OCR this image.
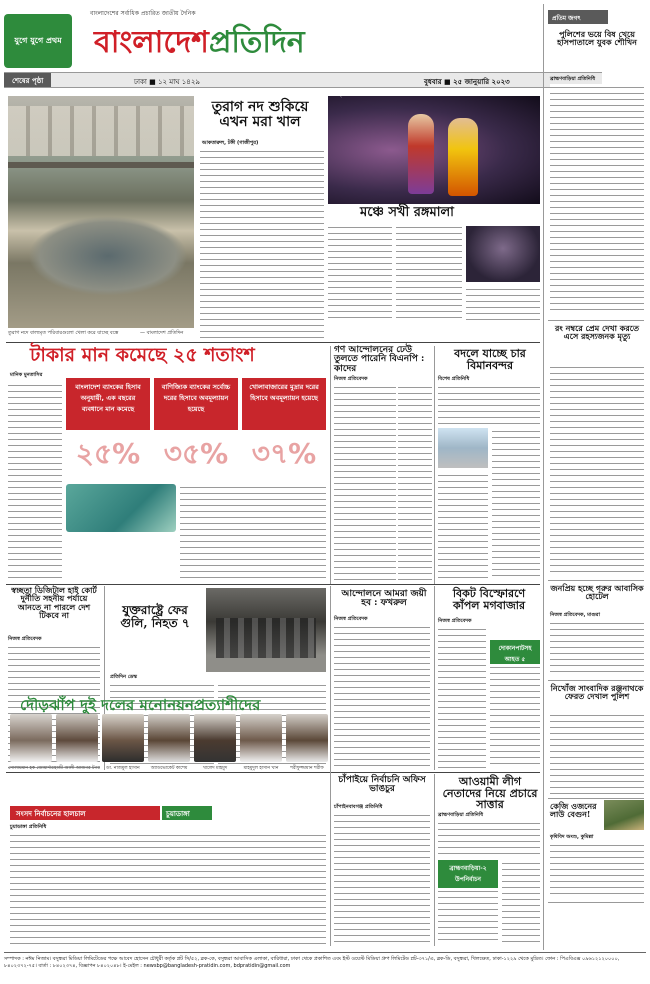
যুগে যুগে প্রথম
বাংলাদেশের সর্বাধিক প্রচারিত জাতীয় দৈনিক
বাংলাদেশপ্রতিদিন
শেষের পৃষ্ঠা	ঢাকা ■ ১২ মাঘ ১৪২৯	বুধবার ■ ২৫ জানুয়ারি ২০২৩
প্রতিম জগৎ
পুলিশের ভয়ে বিষ খেয়ে হাসপাতালে যুবক শৌখিন
ব্রাহ্মণবাড়িয়া প্রতিনিধি
রং নম্বরে প্রেম দেখা করতে এসে রহস্যজনক মৃত্যু
জনপ্রিয় হচ্ছে গরুর আবাসিক হোটেল
নিজস্ব প্রতিবেদক, মাগুরা
নিখোঁজ সাংবাদিক রঞ্জনাথকে ফেরত দেখাল পুলিশ
কেজি ওজনের লাউ বেগুন!
কৃষিবিদ অংশু, কুমিল্লা
তুরাগ নদে বাল্যমৃত পরিবারগুলো খেলা করে যাচ্ছে বস্তে	— বাংলাদেশ প্রতিদিন
তুরাগ নদ শুকিয়ে এখন মরা খাল
আকতারুল, টঙ্গী (গাজীপুর)
সাংস্কৃতিক প্রতিবেদক
মঞ্চে সখী রঙ্গমালা
টাকার মান কমেছে ২৫ শতাংশ
মানিক মুনতাসির
বাংলাদেশ ব্যাংকের হিসাব অনুযায়ী, এক বছরের ব্যবধানে মান কমেছে
২৫%
বাণিজ্যিক ব্যাংকের সর্বোচ্চ দরের হিসাবে অবমূল্যায়ন হয়েছে
৩৫%
খোলাবাজারের মুদ্রার দরের হিসাবে অবমূল্যায়ন হয়েছে
৩৭%
গণ আন্দোলনের ঢেউ তুলতে পারেনি বিএনপি : কাদের
নিজস্ব প্রতিবেদক
বদলে যাচ্ছে চার বিমানবন্দর
বিশেষ প্রতিনিধি
স্বচ্ছতা ডিজিটাল হাই কোর্ট দুর্নীতি সহনীয় পর্যায়ে আনতে না পারলে দেশ টিকবে না
নিজস্ব প্রতিবেদক
যুক্তরাষ্ট্রে ফের গুলি, নিহত ৭
প্রতিদিন ডেস্ক
আন্দোলনে আমরা জয়ী হব : ফখরুল
নিজস্ব প্রতিবেদক
বিকট বিস্ফোরণে কাঁপল মগবাজার
নিজস্ব প্রতিবেদক
দোকানপাটসহ আহত ৫
দৌড়ঝাঁপ দুই দলের মনোনয়নপ্রত্যাশীদের
সোলায়মান হক জোয়ার্দার হাজী আলী আজগর টগর	ডা. নাজমুল হাসান	অ্যাডভোকেট কাশেম	খালেদ মাহমুদ	মাহমুদুল হাসান খান	শরীফুজ্জামান শরীফ
সংসদ নির্বাচনের হালচাল	চুয়াডাঙ্গা
চুয়াডাঙ্গা প্রতিনিধি
চাঁপাইয়ে নির্বাচনি অফিস ভাঙচুর
চাঁপাইনবাবগঞ্জ প্রতিনিধি
আওয়ামী লীগ নেতাদের নিয়ে প্রচারে সাত্তার
ব্রাহ্মণবাড়িয়া প্রতিনিধি
ব্রাহ্মণবাড়িয়া-২ উপনির্বাচন
সম্পাদক : নঈম নিজাম। বসুন্ধরা মিডিয়া লিমিটেডের পক্ষে আবেদ হোসেন চৌধুরী কর্তৃক প্লট সি/৫২, ব্লক-কে, বসুন্ধরা আবাসিক এলাকা, বারিধারা, ঢাকা থেকে প্রকাশিত এবং ইস্ট ওয়েস্ট মিডিয়া গ্রুপ লিমিটেড প্লট-৩৭১/এ, ব্লক-ডি, বসুন্ধরা, খিলক্ষেত, ঢাকা-১২২৯ থেকে মুদ্রিত। ফোন : পিএবিএক্স ০৯৬১২১২০০০০, ৮৪০২৩৭২-৭৫। বার্তা : ৮৪০২৩৭৪, বিজ্ঞাপন ৮৪০২০৪৮। ই-মেইল : newsbp@bangladesh-pratidin.com, bdpratidin@gmail.com
